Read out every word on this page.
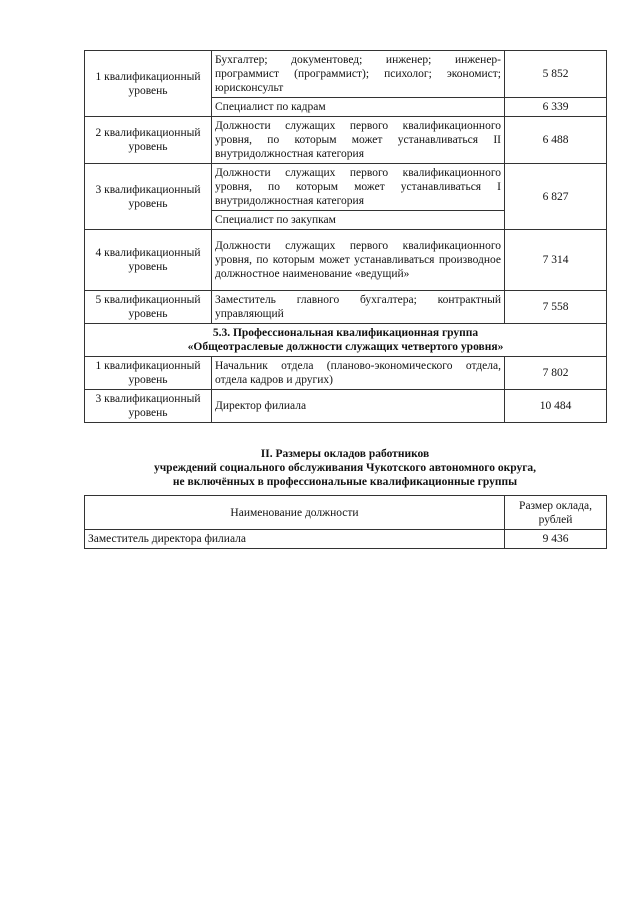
1 квалификационный уровень	Бухгалтер; документовед; инженер; инженер-программист (программист); психолог; экономист; юрисконсульт	5 852
	Специалист по кадрам	6 339
2 квалификационный уровень	Должности служащих первого квалификационного уровня, по которым может устанавливаться II внутридолжностная категория	6 488
3 квалификационный уровень	Должности служащих первого квалификационного уровня, по которым может устанавливаться I внутридолжностная категория	6 827
	Специалист по закупкам	
4 квалификационный уровень	Должности служащих первого квалификационного уровня, по которым может устанавливаться производное должностное наименование «ведущий»	7 314
5 квалификационный уровень	Заместитель главного бухгалтера; контрактный управляющий	7 558

5.3. Профессиональная квалификационная группа
«Общеотраслевые должности служащих четвертого уровня»		

1 квалификационный уровень	Начальник отдела (планово-экономического отдела, отдела кадров и других)	7 802
3 квалификационный уровень	Директор филиала	10 484
II. Размеры окладов работников
учреждений социального обслуживания Чукотского автономного округа,
не включённых в профессиональные квалификационные группы
Наименование должности	Размер оклада, рублей
Заместитель директора филиала	9 436
